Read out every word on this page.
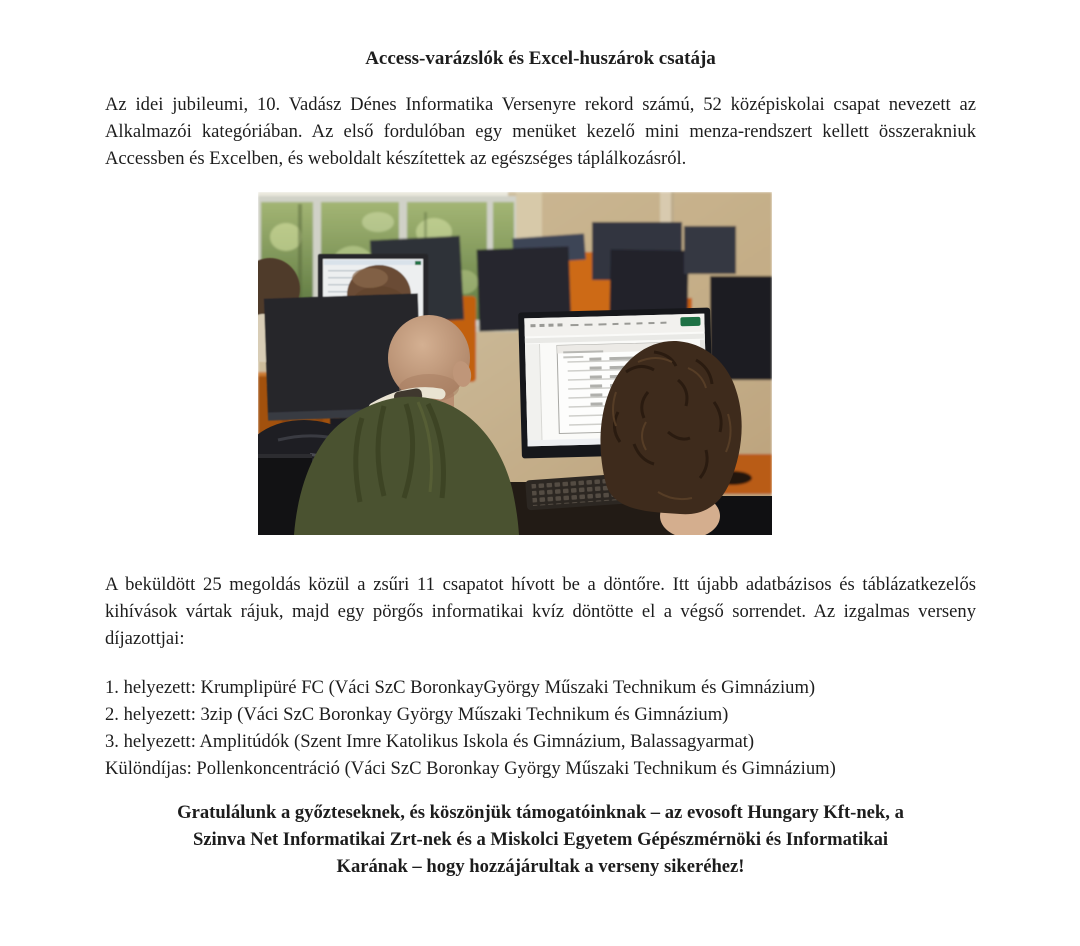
Access-varázslók és Excel-huszárok csatája

Az idei jubileumi, 10. Vadász Dénes Informatika Versenyre rekord számú, 52 középiskolai csapat nevezett az Alkalmazói kategóriában. Az első fordulóban egy menüket kezelő mini menza-rendszert kellett összerakniuk Accessben és Excelben, és weboldalt készítettek az egészséges táplálkozásról.

A beküldött 25 megoldás közül a zsűri 11 csapatot hívott be a döntőre. Itt újabb adatbázisos és táblázatkezelős kihívások vártak rájuk, majd egy pörgős informatikai kvíz döntötte el a végső sorrendet. Az izgalmas verseny díjazottjai:

1. helyezett: Krumplipüré FC (Váci SzC BoronkayGyörgy Műszaki Technikum és Gimnázium)
2. helyezett: 3zip (Váci SzC Boronkay György Műszaki Technikum és Gimnázium)
3. helyezett: Amplitúdók (Szent Imre Katolikus Iskola és Gimnázium, Balassagyarmat)
Különdíjas: Pollenkoncentráció (Váci SzC Boronkay György Műszaki Technikum és Gimnázium)

Gratulálunk a győzteseknek, és köszönjük támogatóinknak – az evosoft Hungary Kft-nek, a
Szinva Net Informatikai Zrt-nek és a Miskolci Egyetem Gépészmérnöki és Informatikai
Karának – hogy hozzájárultak a verseny sikeréhez!
